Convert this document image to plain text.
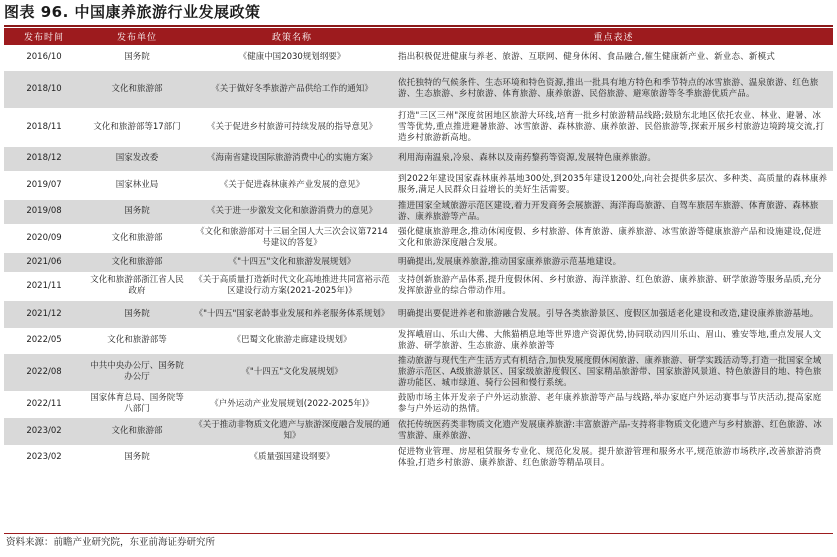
图表 96. 中国康养旅游行业发展政策
发布时间	发布单位	政策名称	重点表述
2016/10	国务院	《健康中国2030规划纲要》	指出积极促进健康与养老、旅游、互联网、健身休闲、食品融合,催生健康新产业、新业态、新模式
2018/10	文化和旅游部	《关于做好冬季旅游产品供给工作的通知》	依托独特的气候条件、生态环境和特色资源,推出一批具有地方特色和季节特点的冰雪旅游、温泉旅游、红色旅游、生态旅游、乡村旅游、体育旅游、康养旅游、民俗旅游、避寒旅游等冬季旅游优质产品。
2018/11	文化和旅游部等17部门	《关于促进乡村旅游可持续发展的指导意见》	打造"三区三州"深度贫困地区旅游大环线,培育一批乡村旅游精品线路;鼓励东北地区依托农业、林业、避暑、冰雪等优势,重点推进避暑旅游、冰雪旅游、森林旅游、康养旅游、民俗旅游等,探索开展乡村旅游边境跨境交流,打造乡村旅游新高地。
2018/12	国家发改委	《海南省建设国际旅游消费中心的实施方案》	利用海南温泉,冷泉、森林以及南药黎药等资源,发展特色康养旅游。
2019/07	国家林业局	《关于促进森林康养产业发展的意见》	到2022年建设国家森林康养基地300处,到2035年建设1200处,向社会提供多层次、多种类、高质量的森林康养服务,满足人民群众日益增长的美好生活需要。
2019/08	国务院	《关于进一步激发文化和旅游消费力的意见》	推进国家全域旅游示范区建设,着力开发商务会展旅游、海洋海岛旅游、自驾车旅居车旅游、体育旅游、森林旅游、康养旅游等产品。
2020/09	文化和旅游部	《文化和旅游部对十三届全国人大三次会议第7214号建议的答复》	强化健康旅游理念,推动休闲度假、乡村旅游、体育旅游、康养旅游、冰雪旅游等健康旅游产品和设施建设,促进文化和旅游深度融合发展。
2021/06	文化和旅游部	《"十四五"文化和旅游发展规划》	明确提出,发展康养旅游,推动国家康养旅游示范基地建设。
2021/11	文化和旅游部浙江省人民政府	《关于高质量打造新时代文化高地推进共同富裕示范区建设行动方案(2021-2025年)》	支持创新旅游产品体系,提升度假休闲、乡村旅游、海洋旅游、红色旅游、康养旅游、研学旅游等服务品质,充分发挥旅游业的综合带动作用。
2021/12	国务院	《"十四五"国家老龄事业发展和养老服务体系规划》	明确提出要促进养老和旅游融合发展。引导各类旅游景区、度假区加强适老化建设和改造,建设康养旅游基地。
2022/05	文化和旅游部等	《巴蜀文化旅游走廊建设规划》	发挥峨眉山、乐山大佛、大熊猫栖息地等世界遗产资源优势,协同联动四川乐山、眉山、雅安等地,重点发展人文旅游、研学旅游、生态旅游、康养旅游等
2022/08	中共中央办公厅、国务院办公厅	《"十四五"文化发展规划》	推动旅游与现代生产生活方式有机结合,加快发展度假休闲旅游、康养旅游、研学实践活动等,打造一批国家全域旅游示范区、A级旅游景区、国家级旅游度假区、国家精品旅游带、国家旅游风景道、特色旅游目的地、特色旅游功能区、城市绿道、骑行公园和慢行系统。
2022/11	国家体育总局、国务院等八部门	《户外运动产业发展规划(2022-2025年)》	鼓励市场主体开发亲子户外运动旅游、老年康养旅游等产品与线路,举办家庭户外运动赛事与节庆活动,提高家庭参与户外运动的热情。
2023/02	文化和旅游部	《关于推动非物质文化遗产与旅游深度融合发展的通知》	依托传统医药类非物质文化遗产发展康养旅游:丰富旅游产品-支持将非物质文化遗产与乡村旅游、红色旅游、冰雪旅游、康养旅游、
2023/02	国务院	《质量强国建设纲要》	促进物业管理、房屋租赁服务专业化、规范化发展。提升旅游管理和服务水平,规范旅游市场秩序,改善旅游消费体验,打造乡村旅游、康养旅游、红色旅游等精品项目。
资料来源：前瞻产业研究院，东亚前海证券研究所
